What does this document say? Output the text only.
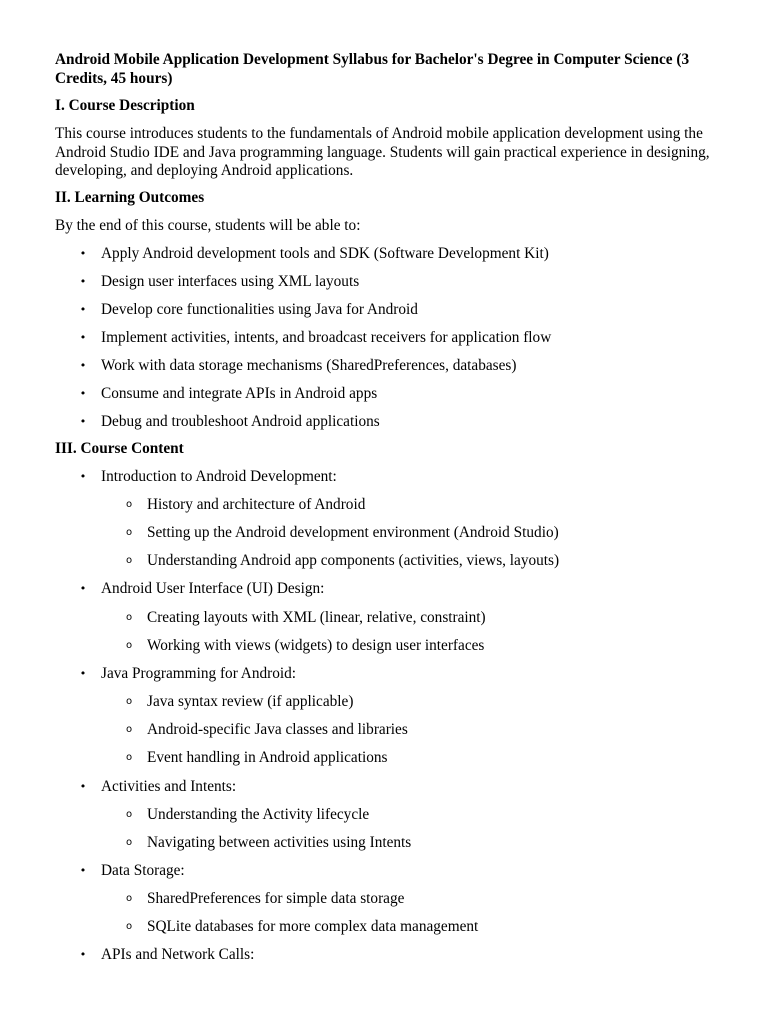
Android Mobile Application Development Syllabus for Bachelor's Degree in Computer Science (3 Credits, 45 hours)

I. Course Description

This course introduces students to the fundamentals of Android mobile application development using the Android Studio IDE and Java programming language. Students will gain practical experience in designing, developing, and deploying Android applications.

II. Learning Outcomes

By the end of this course, students will be able to:

• Apply Android development tools and SDK (Software Development Kit)
• Design user interfaces using XML layouts
• Develop core functionalities using Java for Android
• Implement activities, intents, and broadcast receivers for application flow
• Work with data storage mechanisms (SharedPreferences, databases)
• Consume and integrate APIs in Android apps
• Debug and troubleshoot Android applications

III. Course Content

• Introduction to Android Development:
o History and architecture of Android
o Setting up the Android development environment (Android Studio)
o Understanding Android app components (activities, views, layouts)
• Android User Interface (UI) Design:
o Creating layouts with XML (linear, relative, constraint)
o Working with views (widgets) to design user interfaces
• Java Programming for Android:
o Java syntax review (if applicable)
o Android-specific Java classes and libraries
o Event handling in Android applications
• Activities and Intents:
o Understanding the Activity lifecycle
o Navigating between activities using Intents
• Data Storage:
o SharedPreferences for simple data storage
o SQLite databases for more complex data management
• APIs and Network Calls:
